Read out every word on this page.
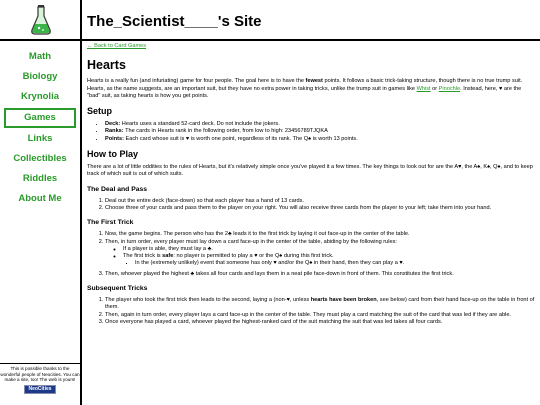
The_Scientist____'s Site
Math
Biology
Krynolia
Games
Links
Collectibles
Riddles
About Me
This is possible thanks to the wonderful people of Neocities. You can make a site, too! The web is yours!
NeoCities
← Back to Card Games
Hearts

Hearts is a really fun (and infuriating) game for four people. The goal here is to have the fewest points. It follows a basic trick-taking structure, though there is no true trump suit. Hearts, as the name suggests, are an important suit, but they have no extra power in taking tricks, unlike the trump suit in games like Whist or Pinochle. Instead, here, ♥ are the "bad" suit, as taking hearts is how you get points.

Setup
• Deck: Hearts uses a standard 52-card deck. Do not include the jokers.
• Ranks: The cards in Hearts rank in the following order, from low to high: 23456789TJQKA
• Points: Each card whose suit is ♥ is worth one point, regardless of its rank. The Q♠ is worth 13 points.
How to Play

There are a lot of little oddities to the rules of Hearts, but it's relatively simple once you've played it a few times. The key things to look out for are the A♥, the A♠, K♠, Q♠, and to keep track of which suit is out of which suits.

The Deal and Pass
1. Deal out the entire deck (face-down) so that each player has a hand of 13 cards.
2. Choose three of your cards and pass them to the player on your right. You will also receive three cards from the player to your left; take them into your hand.
The First Trick
1. Now, the game begins. The person who has the 2♣ leads it to the first trick by laying it out face-up in the center of the table.
2. Then, in turn order, every player must lay down a card face-up in the center of the table, abiding by the following rules:
◦ If a player is able, they must lay a ♣.
◦ The first trick is safe: no player is permitted to play a ♥ or the Q♠ during this first trick.
▪ In the (extremely unlikely) event that someone has only ♥ and/or the Q♠ in their hand, then they can play a ♥.
3. Then, whoever played the highest ♣ takes all four cards and lays them in a neat pile face-down in front of them. This constitutes the first trick.
Subsequent Tricks
1. The player who took the first trick then leads to the second, laying a (non-♥, unless hearts have been broken, see below) card from their hand face-up on the table in front of them.
2. Then, again in turn order, every player lays a card face-up in the center of the table. They must play a card matching the suit of the card that was led if they are able.
3. Once everyone has played a card, whoever played the highest-ranked card of the suit matching the suit that was led takes all four cards.
